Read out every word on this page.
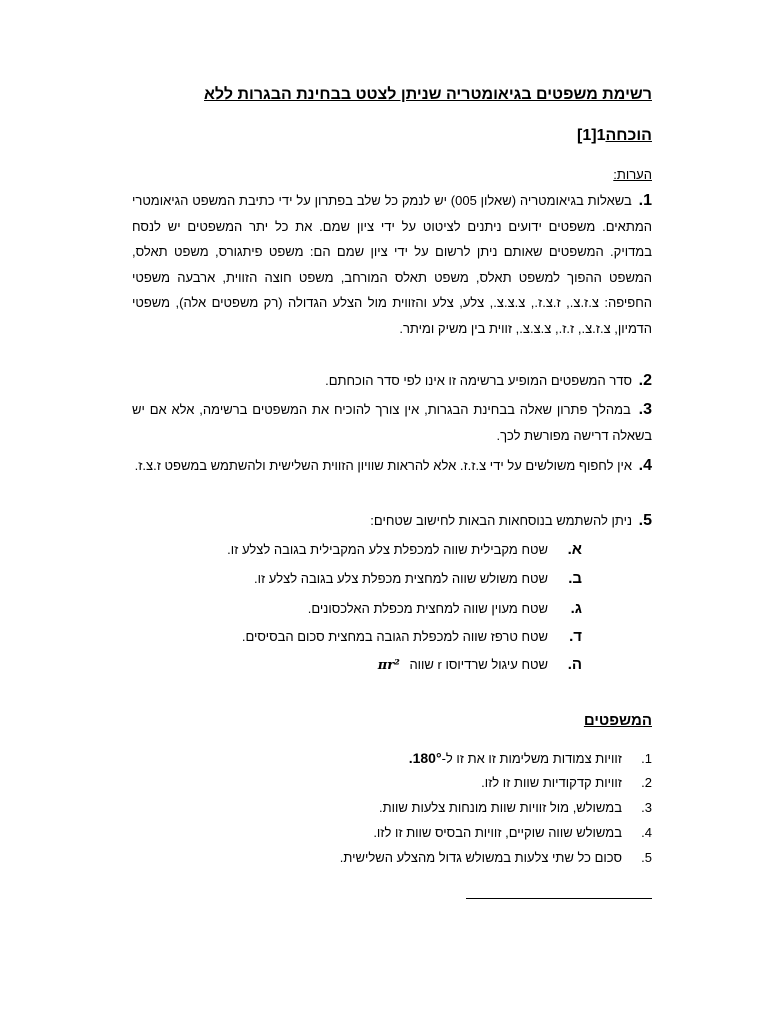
רשימת משפטים בגיאומטריה שניתן לצטט בבחינת הבגרות ללא
הוכחה1[1]
הערות:
1. בשאלות בגיאומטריה (שאלון 005) יש לנמק כל שלב בפתרון על ידי כתיבת המשפט הגיאומטרי המתאים. משפטים ידועים ניתנים לציטוט על ידי ציון שמם. את כל יתר המשפטים יש לנסח במדויק. המשפטים שאותם ניתן לרשום על ידי ציון שמם הם: משפט פיתגורס, משפט תאלס, המשפט ההפוך למשפט תאלס, משפט תאלס המורחב, משפט חוצה הזווית, ארבעה משפטי החפיפה: צ.ז.צ., ז.צ.ז., צ.צ.צ., צלע, צלע והזווית מול הצלע הגדולה (רק משפטים אלה), משפטי הדמיון, צ.ז.צ., ז.ז., צ.צ.צ., זווית בין משיק ומיתר.
2. סדר המשפטים המופיע ברשימה זו אינו לפי סדר הוכחתם.
3. במהלך פתרון שאלה בבחינת הבגרות, אין צורך להוכיח את המשפטים ברשימה, אלא אם יש בשאלה דרישה מפורשת לכך.
4. אין לחפוף משולשים על ידי צ.ז.ז. אלא להראות שוויון הזווית השלישית ולהשתמש במשפט ז.צ.ז.
5. ניתן להשתמש בנוסחאות הבאות לחישוב שטחים:
א.שטח מקבילית שווה למכפלת צלע המקבילית בגובה לצלע זו.
ב.שטח משולש שווה למחצית מכפלת צלע בגובה לצלע זו.
ג.שטח מעוין שווה למחצית מכפלת האלכסונים.
ד.שטח טרפז שווה למכפלת הגובה במחצית סכום הבסיסים.
ה.שטח עיגול שרדיוסו r שווה πr²
המשפטים
1.זוויות צמודות משלימות זו את זו ל-180°.
2.זוויות קדקודיות שוות זו לזו.
3.במשולש, מול זוויות שוות מונחות צלעות שוות.
4.במשולש שווה שוקיים, זוויות הבסיס שוות זו לזו.
5.סכום כל שתי צלעות במשולש גדול מהצלע השלישית.
